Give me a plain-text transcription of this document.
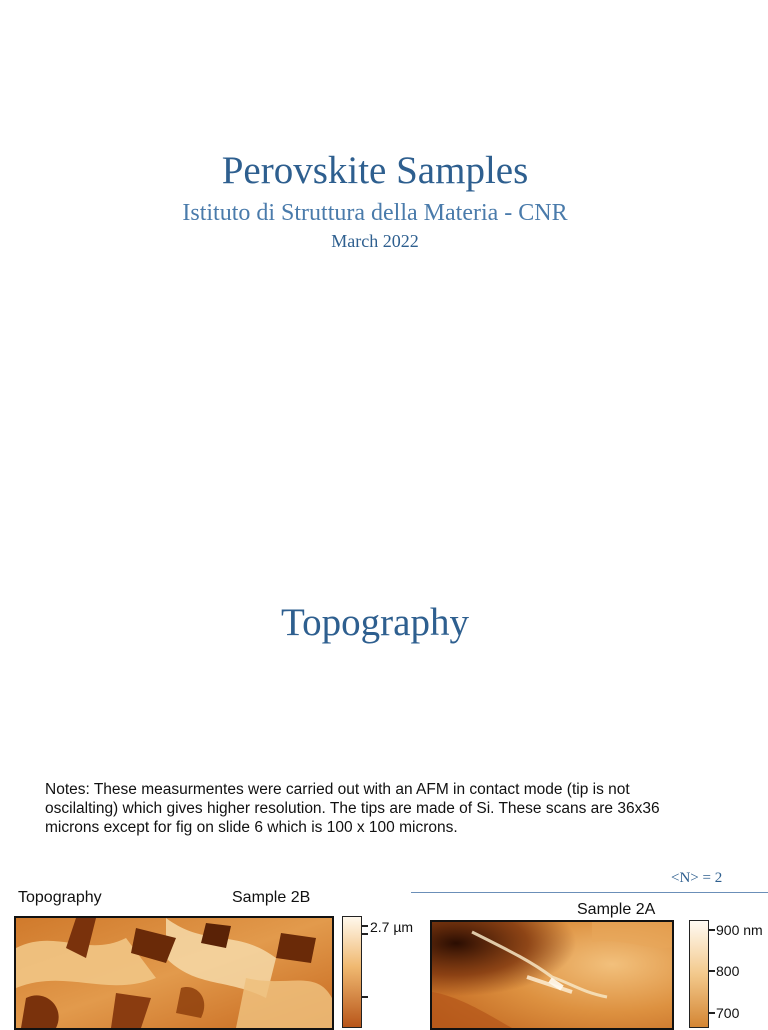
Perovskite Samples
Istituto di Struttura della Materia - CNR
March 2022
Topography
Notes: These measurmentes were carried out with an AFM in contact mode (tip is not oscilalting) which gives higher resolution. The tips are made of Si. These scans are 36x36 microns except for fig on slide 6 which is 100 x 100 microns.
<N> = 2
Topography	Sample 2B
2.7 µm
Sample 2A
900 nm
800
700
